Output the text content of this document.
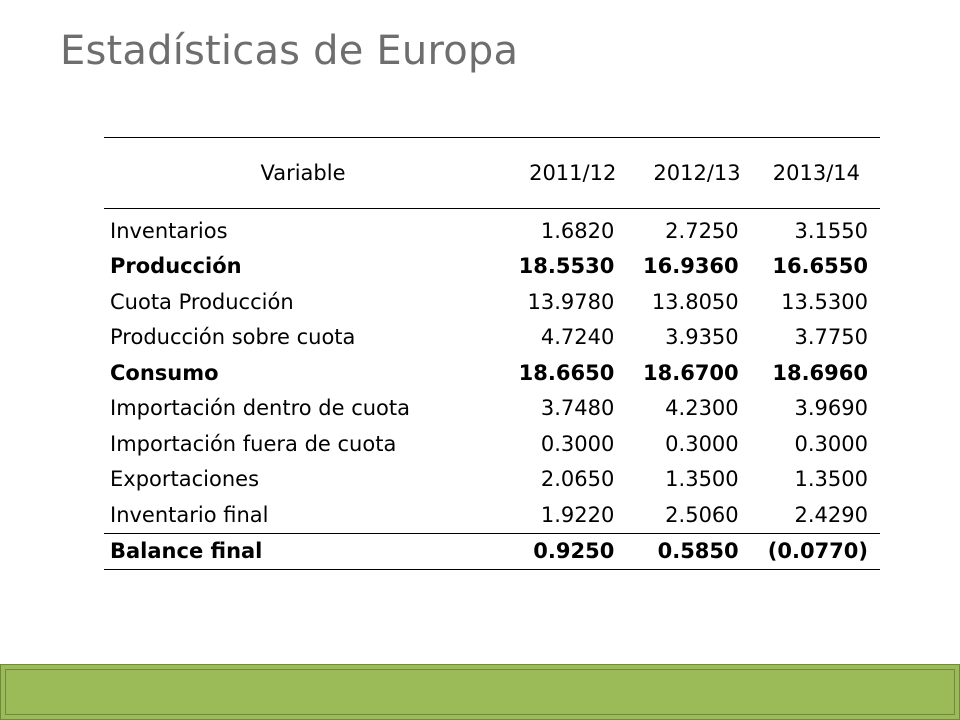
Estadísticas de Europa
Variable	2011/12	2012/13	2013/14
Inventarios	1.6820	2.7250	3.1550
Producción	18.5530	16.9360	16.6550
Cuota Producción	13.9780	13.8050	13.5300
Producción sobre cuota	4.7240	3.9350	3.7750
Consumo	18.6650	18.6700	18.6960
Importación dentro de cuota	3.7480	4.2300	3.9690
Importación fuera de cuota	0.3000	0.3000	0.3000
Exportaciones	2.0650	1.3500	1.3500
Inventario final	1.9220	2.5060	2.4290
Balance final	0.9250	0.5850	(0.0770)
